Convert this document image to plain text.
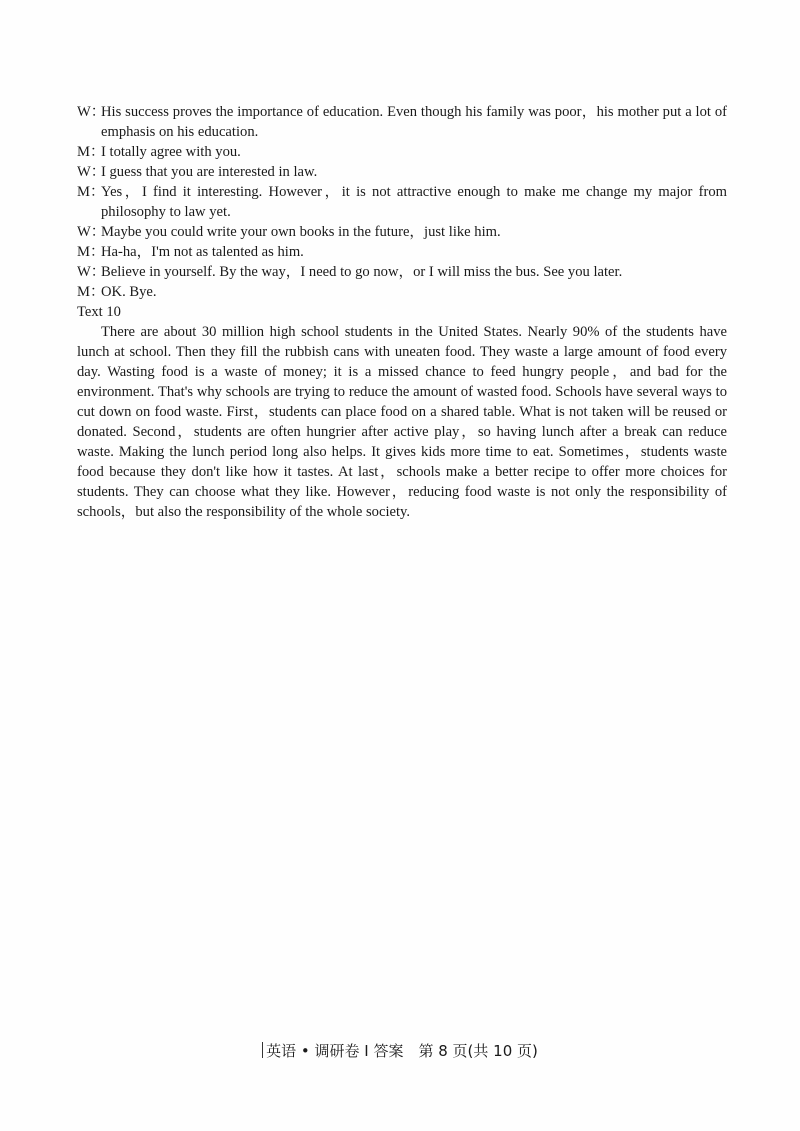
W：His success proves the importance of education. Even though his family was poor，his mother put a lot of emphasis on his education.

M：I totally agree with you.

W：I guess that you are interested in law.

M：Yes，I find it interesting. However，it is not attractive enough to make me change my major from philosophy to law yet.

W：Maybe you could write your own books in the future，just like him.

M：Ha-ha，I'm not as talented as him.

W：Believe in yourself. By the way，I need to go now，or I will miss the bus. See you later.

M：OK. Bye.

Text 10

There are about 30 million high school students in the United States. Nearly 90% of the students have lunch at school. Then they fill the rubbish cans with uneaten food. They waste a large amount of food every day. Wasting food is a waste of money; it is a missed chance to feed hungry people，and bad for the environment. That's why schools are trying to reduce the amount of wasted food. Schools have several ways to cut down on food waste. First，students can place food on a shared table. What is not taken will be reused or donated. Second，students are often hungrier after active play，so having lunch after a break can reduce waste. Making the lunch period long also helps. It gives kids more time to eat. Sometimes，students waste food because they don't like how it tastes. At last，schools make a better recipe to offer more choices for students. They can choose what they like. However，reducing food waste is not only the responsibility of schools，but also the responsibility of the whole society.

英语 • 调研卷 I 答案　第 8 页(共 10 页)
